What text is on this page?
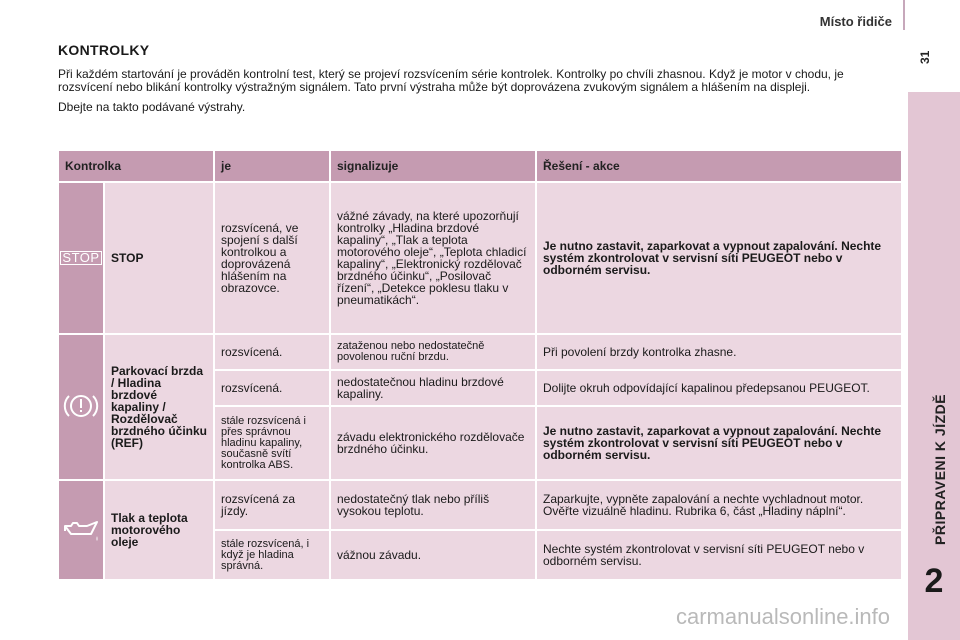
Místo řidiče
31
PŘIPRAVENI K JÍZDĚ
2
KONTROLKY

Při každém startování je prováděn kontrolní test, který se projeví rozsvícením série kontrolek. Kontrolky po chvíli zhasnou. Když je motor v chodu, je rozsvícení nebo blikání kontrolky výstražným signálem. Tato první výstraha může být doprovázena zvukovým signálem a hlášením na displeji.

Dbejte na takto podávané výstrahy.

Kontrolka		je	signalizuje	Řešení - akce
STOP	STOP	rozsvícená, ve spojení s další kontrolkou a doprovázená hlášením na obrazovce.	vážné závady, na které upozorňují kontrolky „Hladina brzdové kapaliny“, „Tlak a teplota motorového oleje“, „Teplota chladicí kapaliny“, „Elektronický rozdělovač brzdného účinku“, „Posilovač řízení“, „Detekce poklesu tlaku v pneumatikách“.	Je nutno zastavit, zaparkovat a vypnout zapalování. Nechte systém zkontrolovat v servisní síti PEUGEOT nebo v odborném servisu.
	Parkovací brzda / Hladina brzdové kapaliny / Rozdělovač brzdného účinku (REF)	rozsvícená.	zataženou nebo nedostatečně povolenou ruční brzdu.	Při povolení brzdy kontrolka zhasne.
		rozsvícená.	nedostatečnou hladinu brzdové kapaliny.	Dolijte okruh odpovídající kapalinou předepsanou PEUGEOT.
		stále rozsvícená i přes správnou hladinu kapaliny, současně svítí kontrolka ABS.	závadu elektronického rozdělovače brzdného účinku.	Je nutno zastavit, zaparkovat a vypnout zapalování. Nechte systém zkontrolovat v servisní síti PEUGEOT nebo v odborném servisu.
	Tlak a teplota motorového oleje	rozsvícená za jízdy.	nedostatečný tlak nebo příliš vysokou teplotu.	Zaparkujte, vypněte zapalování a nechte vychladnout motor. Ověřte vizuálně hladinu. Rubrika 6, část „Hladiny náplní“.
		stále rozsvícená, i když je hladina správná.	vážnou závadu.	Nechte systém zkontrolovat v servisní síti PEUGEOT nebo v odborném servisu.
carmanualsonline.info
